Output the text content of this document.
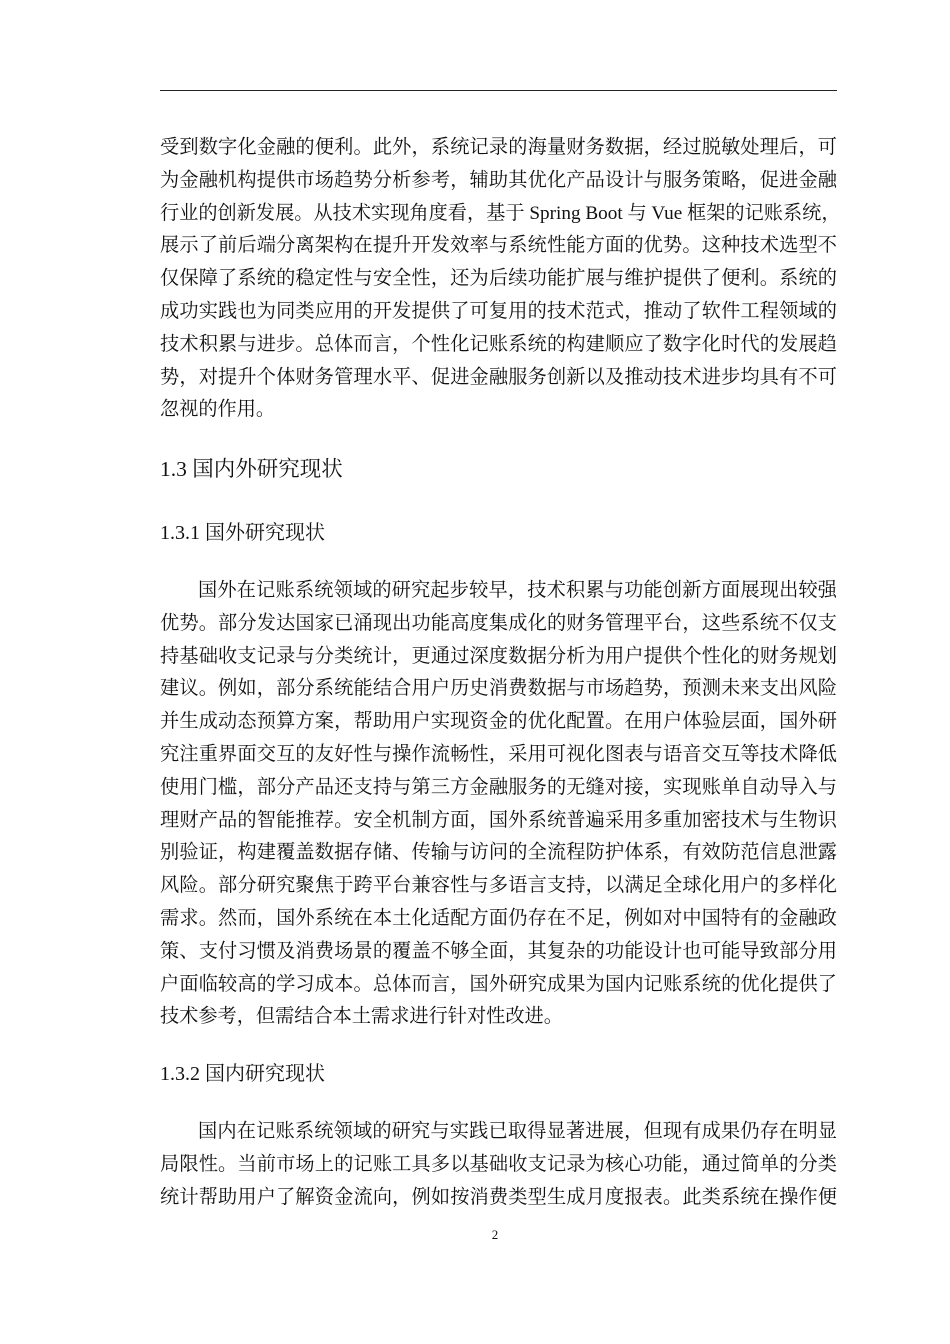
受到数字化金融的便利。此外，系统记录的海量财务数据，经过脱敏处理后，可
为金融机构提供市场趋势分析参考，辅助其优化产品设计与服务策略，促进金融
行业的创新发展。从技术实现角度看，基于 Spring Boot 与 Vue 框架的记账系统，
展示了前后端分离架构在提升开发效率与系统性能方面的优势。这种技术选型不
仅保障了系统的稳定性与安全性，还为后续功能扩展与维护提供了便利。系统的
成功实践也为同类应用的开发提供了可复用的技术范式，推动了软件工程领域的
技术积累与进步。总体而言，个性化记账系统的构建顺应了数字化时代的发展趋
势，对提升个体财务管理水平、促进金融服务创新以及推动技术进步均具有不可
忽视的作用。
1.3 国内外研究现状
1.3.1 国外研究现状
国外在记账系统领域的研究起步较早，技术积累与功能创新方面展现出较强
优势。部分发达国家已涌现出功能高度集成化的财务管理平台，这些系统不仅支
持基础收支记录与分类统计，更通过深度数据分析为用户提供个性化的财务规划
建议。例如，部分系统能结合用户历史消费数据与市场趋势，预测未来支出风险
并生成动态预算方案，帮助用户实现资金的优化配置。在用户体验层面，国外研
究注重界面交互的友好性与操作流畅性，采用可视化图表与语音交互等技术降低
使用门槛，部分产品还支持与第三方金融服务的无缝对接，实现账单自动导入与
理财产品的智能推荐。安全机制方面，国外系统普遍采用多重加密技术与生物识
别验证，构建覆盖数据存储、传输与访问的全流程防护体系，有效防范信息泄露
风险。部分研究聚焦于跨平台兼容性与多语言支持，以满足全球化用户的多样化
需求。然而，国外系统在本土化适配方面仍存在不足，例如对中国特有的金融政
策、支付习惯及消费场景的覆盖不够全面，其复杂的功能设计也可能导致部分用
户面临较高的学习成本。总体而言，国外研究成果为国内记账系统的优化提供了
技术参考，但需结合本土需求进行针对性改进。
1.3.2 国内研究现状
国内在记账系统领域的研究与实践已取得显著进展，但现有成果仍存在明显
局限性。当前市场上的记账工具多以基础收支记录为核心功能，通过简单的分类
统计帮助用户了解资金流向，例如按消费类型生成月度报表。此类系统在操作便
2
